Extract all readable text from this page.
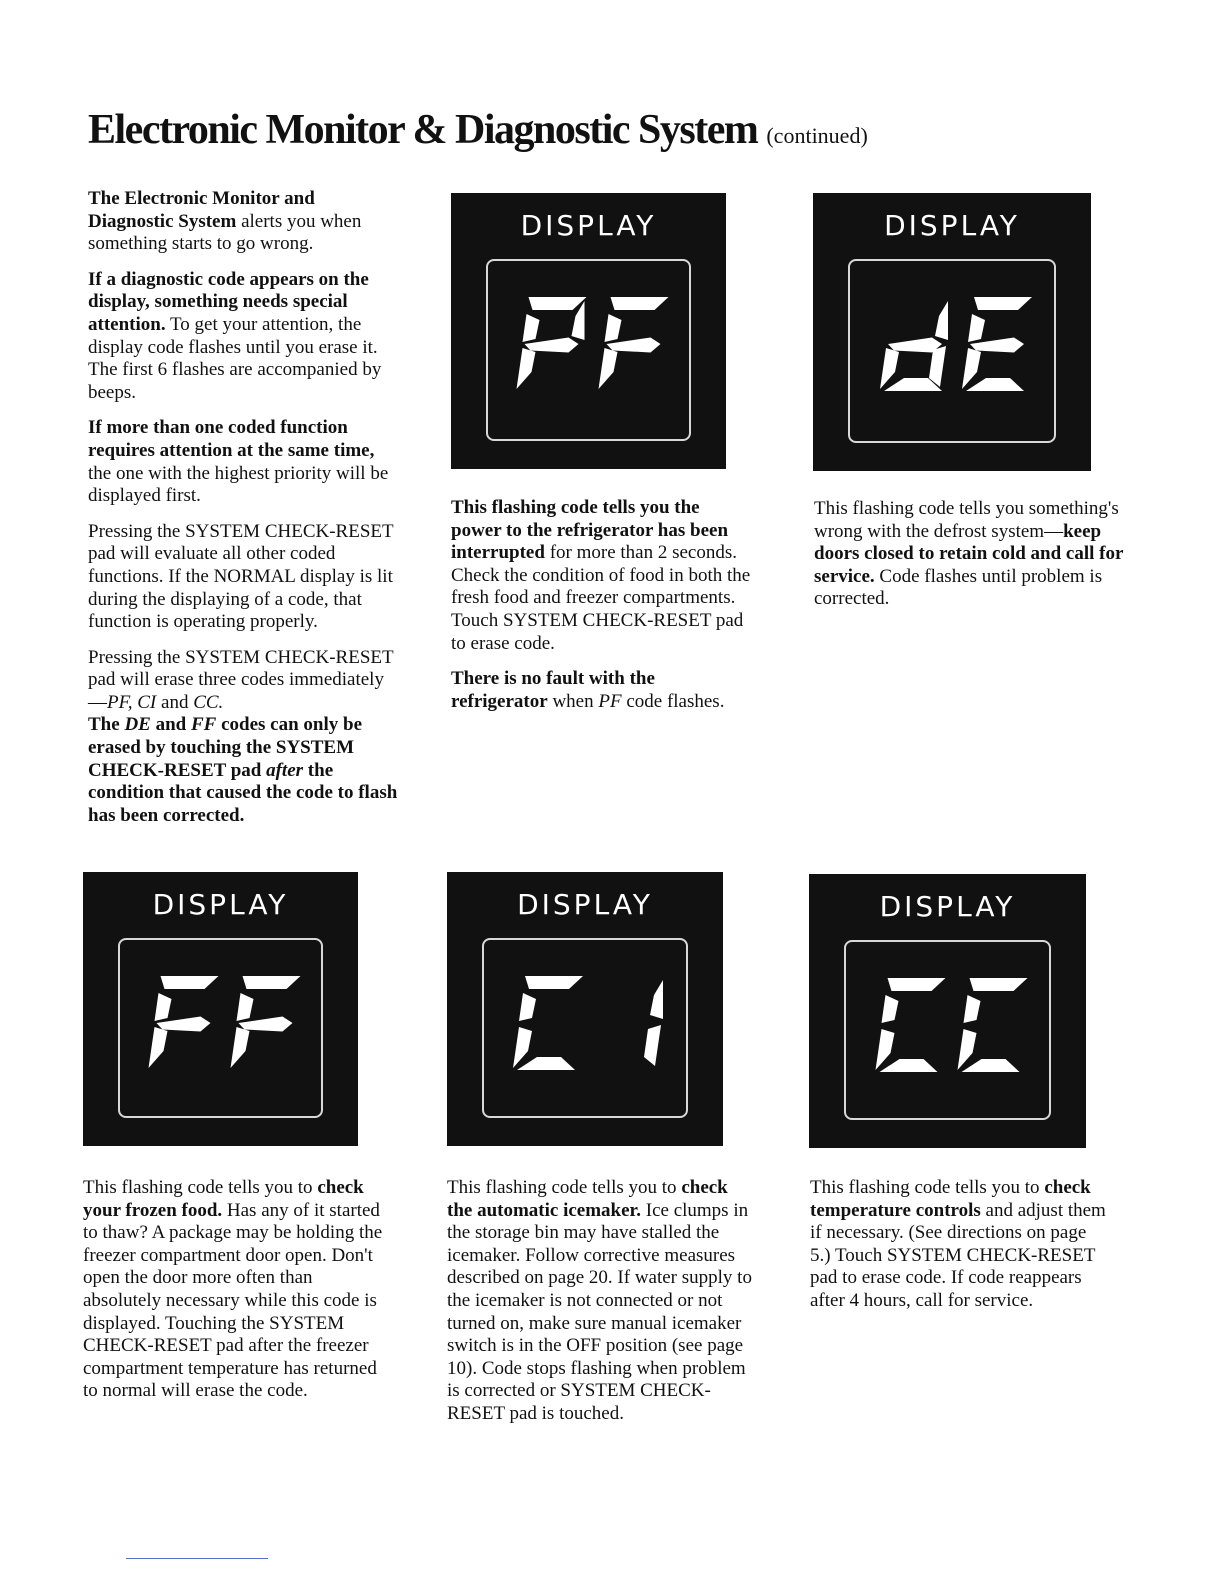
Electronic Monitor & Diagnostic System (continued)

The Electronic Monitor and Diagnostic System alerts you when something starts to go wrong.

If a diagnostic code appears on the display, something needs special attention. To get your attention, the display code flashes until you erase it. The first 6 flashes are accompanied by beeps.

If more than one coded function requires attention at the same time, the one with the highest priority will be displayed first.

Pressing the SYSTEM CHECK-RESET pad will evaluate all other coded functions. If the NORMAL display is lit during the displaying of a code, that function is operating properly.

Pressing the SYSTEM CHECK-RESET pad will erase three codes immediately—PF, CI and CC.
The DE and FF codes can only be erased by touching the SYSTEM CHECK-RESET pad after the condition that caused the code to flash has been corrected.

DISPLAY	DISPLAY
DISPLAY	DISPLAY	DISPLAY

This flashing code tells you the power to the refrigerator has been interrupted for more than 2 seconds. Check the condition of food in both the fresh food and freezer compartments. Touch SYSTEM CHECK-RESET pad to erase code.

There is no fault with the refrigerator when PF code flashes.

This flashing code tells you something's wrong with the defrost system—keep doors closed to retain cold and call for service. Code flashes until problem is corrected.

This flashing code tells you to check your frozen food. Has any of it started to thaw? A package may be holding the freezer compartment door open. Don't open the door more often than absolutely necessary while this code is displayed. Touching the SYSTEM CHECK-RESET pad after the freezer compartment temperature has returned to normal will erase the code.

This flashing code tells you to check the automatic icemaker. Ice clumps in the storage bin may have stalled the icemaker. Follow corrective measures described on page 20. If water supply to the icemaker is not connected or not turned on, make sure manual icemaker switch is in the OFF position (see page 10). Code stops flashing when problem is corrected or SYSTEM CHECK-RESET pad is touched.

This flashing code tells you to check temperature controls and adjust them if necessary. (See directions on page 5.) Touch SYSTEM CHECK-RESET pad to erase code. If code reappears after 4 hours, call for service.
